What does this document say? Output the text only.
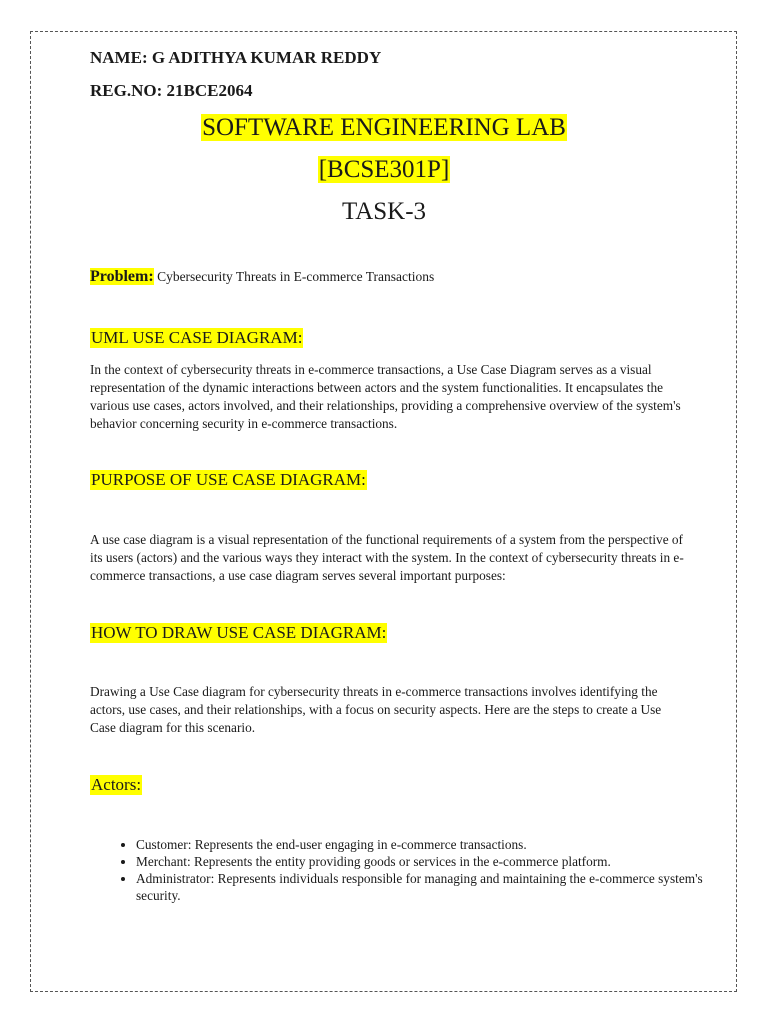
NAME: G ADITHYA KUMAR REDDY
REG.NO: 21BCE2064
SOFTWARE ENGINEERING LAB
[BCSE301P]
TASK-3
Problem: Cybersecurity Threats in E-commerce Transactions
UML USE CASE DIAGRAM:
In the context of cybersecurity threats in e-commerce transactions, a Use Case Diagram serves as a visual representation of the dynamic interactions between actors and the system functionalities. It encapsulates the various use cases, actors involved, and their relationships, providing a comprehensive overview of the system's behavior concerning security in e-commerce transactions.
PURPOSE OF USE CASE DIAGRAM:
A use case diagram is a visual representation of the functional requirements of a system from the perspective of its users (actors) and the various ways they interact with the system. In the context of cybersecurity threats in e-commerce transactions, a use case diagram serves several important purposes:
HOW TO DRAW USE CASE DIAGRAM:
Drawing a Use Case diagram for cybersecurity threats in e-commerce transactions involves identifying the actors, use cases, and their relationships, with a focus on security aspects. Here are the steps to create a Use Case diagram for this scenario.
Actors:
• Customer: Represents the end-user engaging in e-commerce transactions.
• Merchant: Represents the entity providing goods or services in the e-commerce platform.
• Administrator: Represents individuals responsible for managing and maintaining the e-commerce system's security.
